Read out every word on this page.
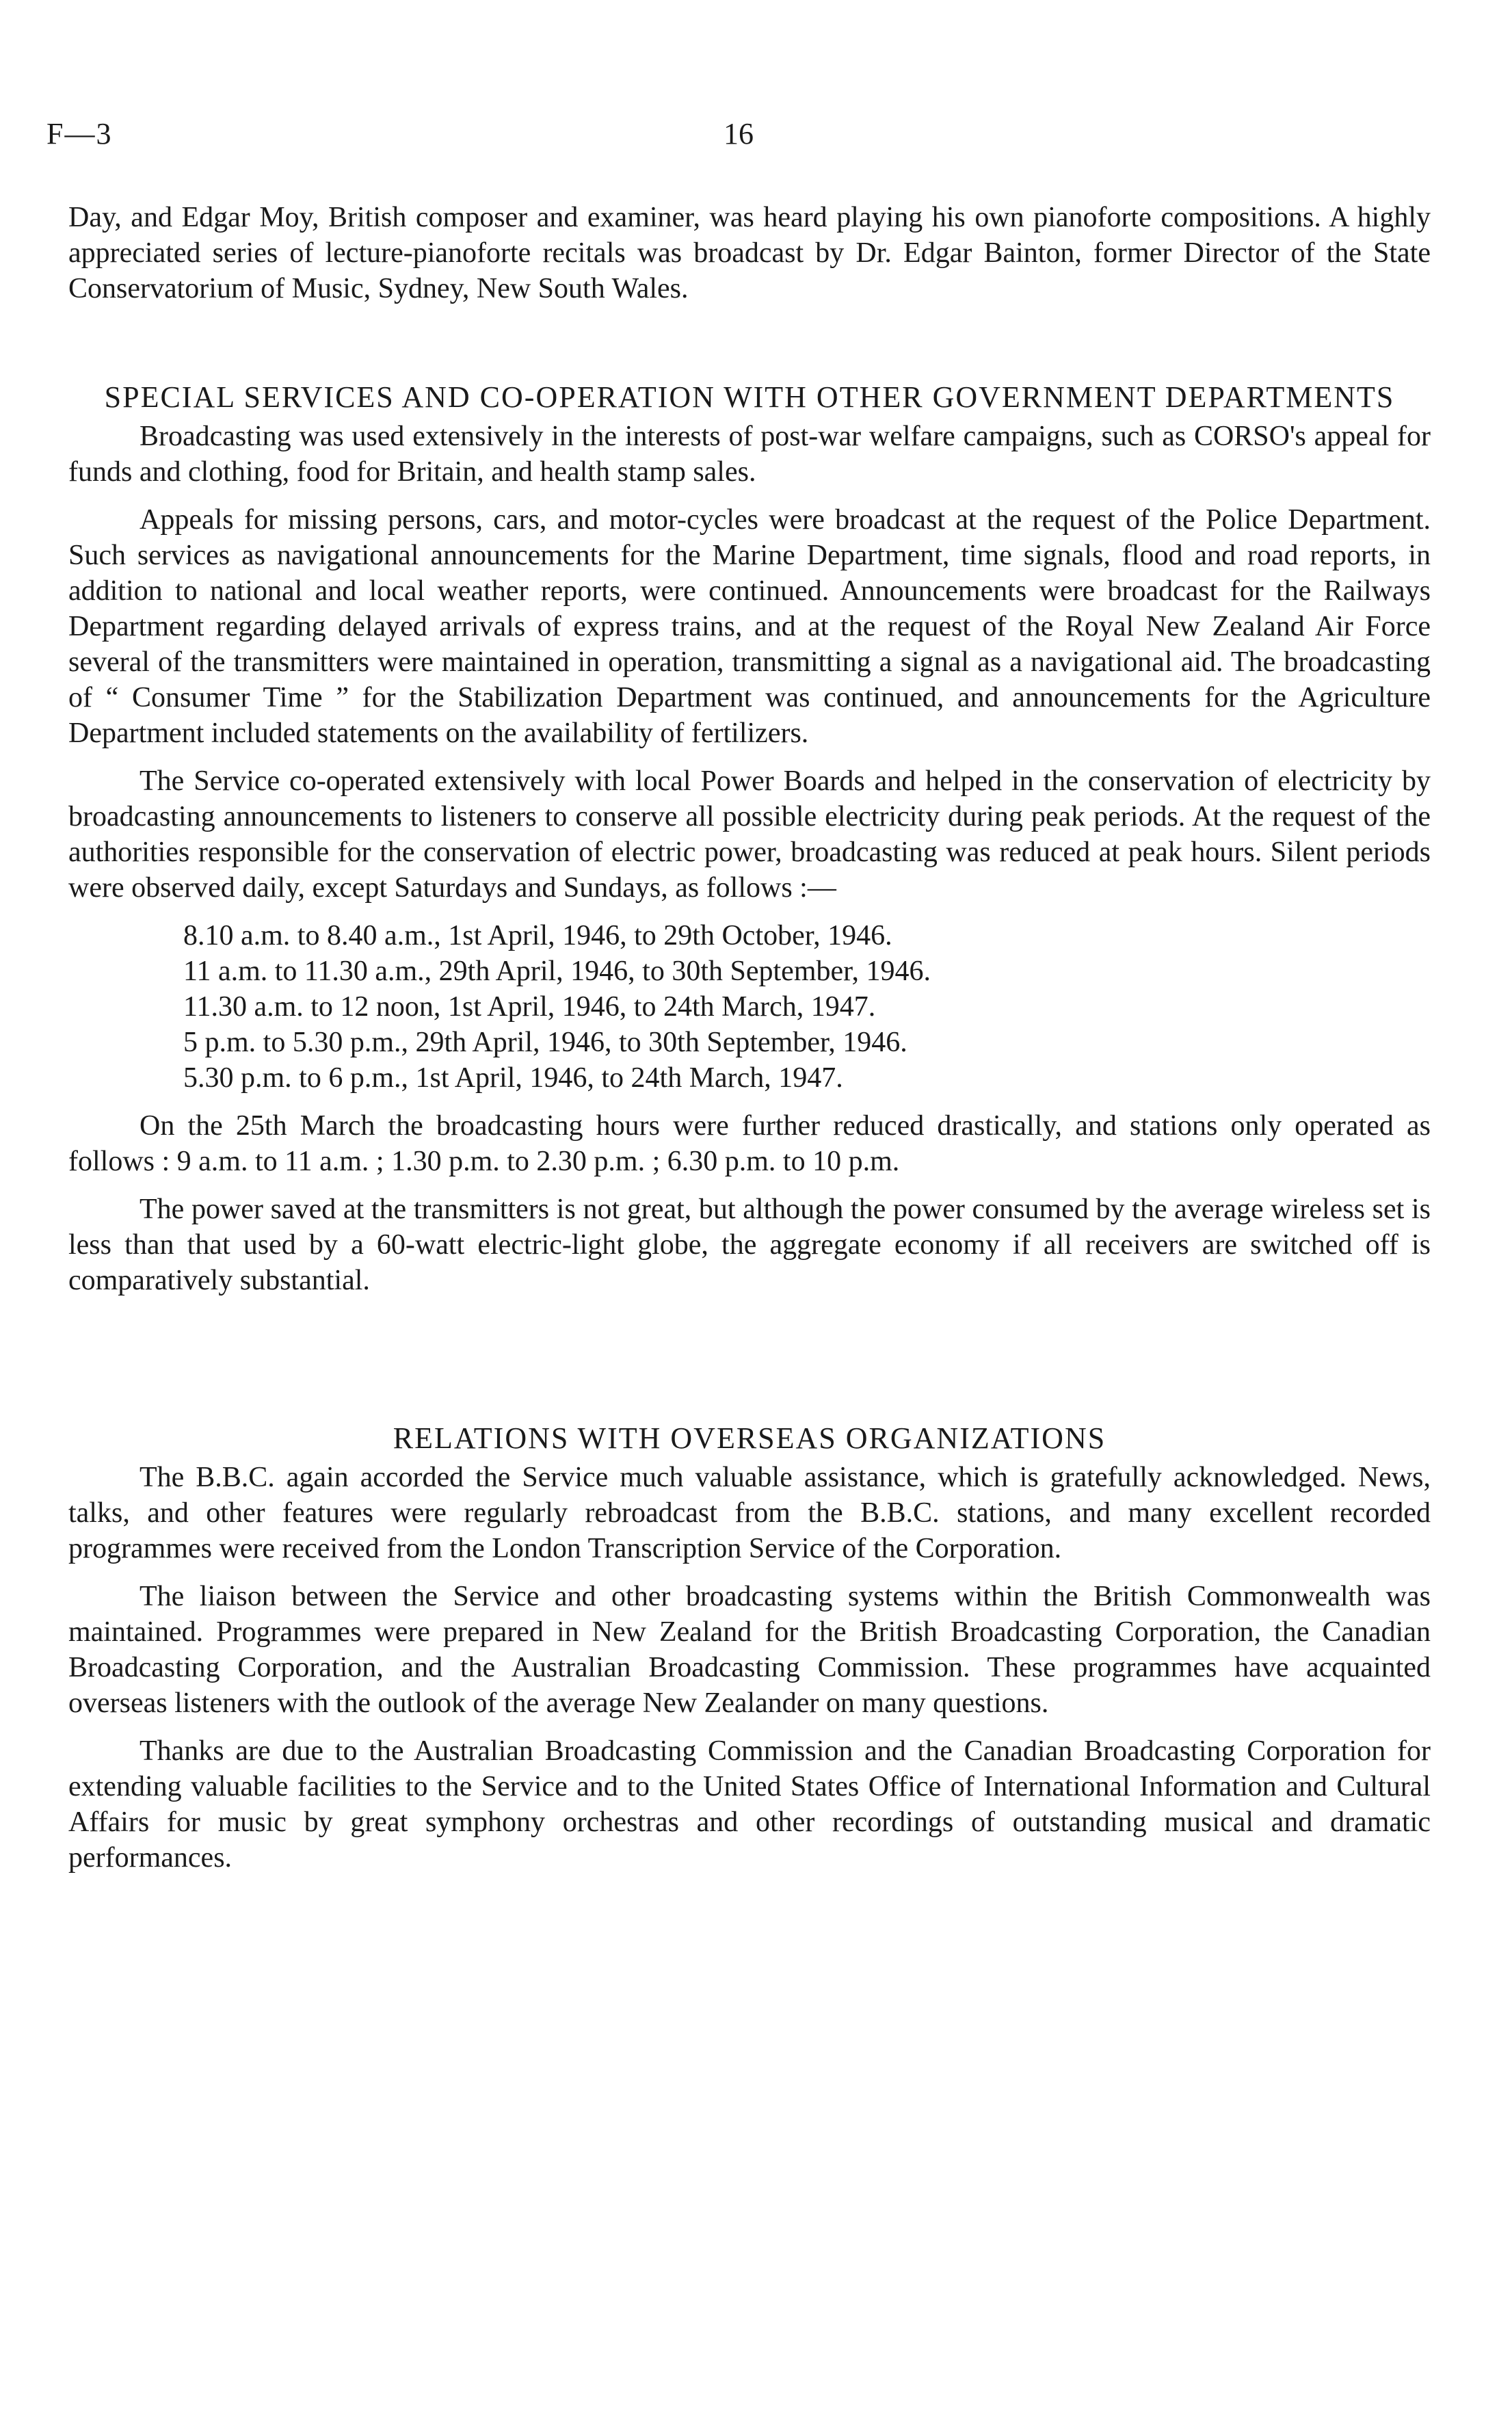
F—3	16

Day, and Edgar Moy, British composer and examiner, was heard playing his own pianoforte compositions. A highly appreciated series of lecture-pianoforte recitals was broadcast by Dr. Edgar Bainton, former Director of the State Conservatorium of Music, Sydney, New South Wales.

SPECIAL SERVICES AND CO-OPERATION WITH OTHER GOVERNMENT DEPARTMENTS

Broadcasting was used extensively in the interests of post-war welfare campaigns, such as CORSO's appeal for funds and clothing, food for Britain, and health stamp sales.

Appeals for missing persons, cars, and motor-cycles were broadcast at the request of the Police Department. Such services as navigational announcements for the Marine Department, time signals, flood and road reports, in addition to national and local weather reports, were continued. Announcements were broadcast for the Railways Department regarding delayed arrivals of express trains, and at the request of the Royal New Zealand Air Force several of the transmitters were maintained in operation, transmitting a signal as a navigational aid. The broadcasting of “ Consumer Time ” for the Stabilization Department was continued, and announcements for the Agriculture Department included statements on the availability of fertilizers.

The Service co-operated extensively with local Power Boards and helped in the conservation of electricity by broadcasting announcements to listeners to conserve all possible electricity during peak periods. At the request of the authorities responsible for the conservation of electric power, broadcasting was reduced at peak hours. Silent periods were observed daily, except Saturdays and Sundays, as follows :—

8.10 a.m. to 8.40 a.m., 1st April, 1946, to 29th October, 1946.
11 a.m. to 11.30 a.m., 29th April, 1946, to 30th September, 1946.
11.30 a.m. to 12 noon, 1st April, 1946, to 24th March, 1947.
5 p.m. to 5.30 p.m., 29th April, 1946, to 30th September, 1946.
5.30 p.m. to 6 p.m., 1st April, 1946, to 24th March, 1947.

On the 25th March the broadcasting hours were further reduced drastically, and stations only operated as follows : 9 a.m. to 11 a.m. ; 1.30 p.m. to 2.30 p.m. ; 6.30 p.m. to 10 p.m.

The power saved at the transmitters is not great, but although the power consumed by the average wireless set is less than that used by a 60-watt electric-light globe, the aggregate economy if all receivers are switched off is comparatively substantial.

RELATIONS WITH OVERSEAS ORGANIZATIONS

The B.B.C. again accorded the Service much valuable assistance, which is gratefully acknowledged. News, talks, and other features were regularly rebroadcast from the B.B.C. stations, and many excellent recorded programmes were received from the London Transcription Service of the Corporation.

The liaison between the Service and other broadcasting systems within the British Commonwealth was maintained. Programmes were prepared in New Zealand for the British Broadcasting Corporation, the Canadian Broadcasting Corporation, and the Australian Broadcasting Commission. These programmes have acquainted overseas listeners with the outlook of the average New Zealander on many questions.

Thanks are due to the Australian Broadcasting Commission and the Canadian Broadcasting Corporation for extending valuable facilities to the Service and to the United States Office of International Information and Cultural Affairs for music by great symphony orchestras and other recordings of outstanding musical and dramatic performances.
